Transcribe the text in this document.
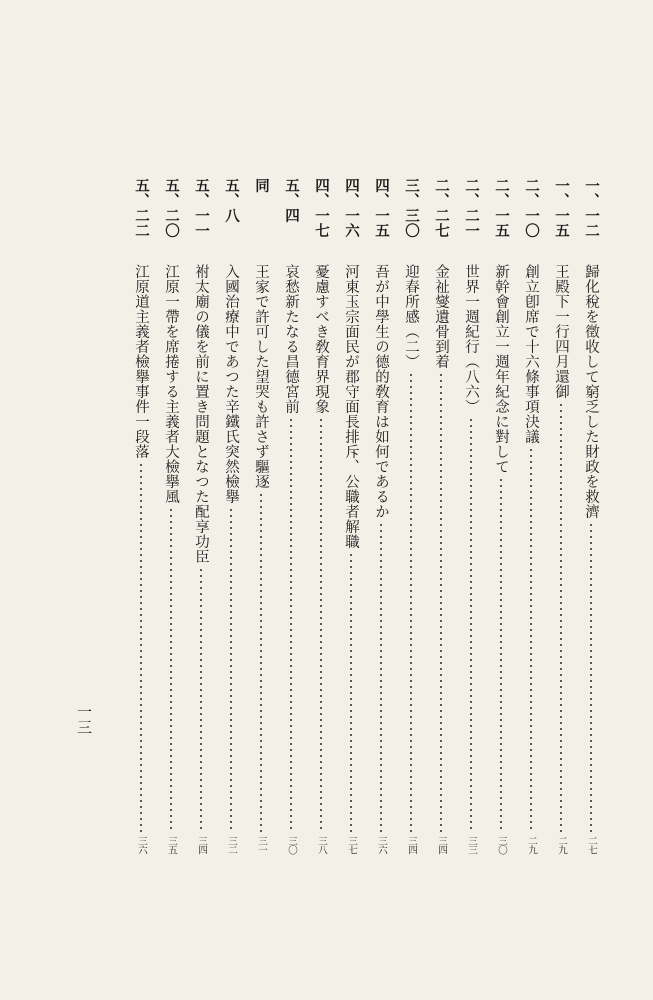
一、一二
歸化稅を徵收して窮乏した財政を救濟
二七
一、一五
王殿下一行四月還御
二九
二、一〇
創立卽席で十六條事項決議
二九
二、一五
新幹會創立一週年紀念に對して
三〇
二、二一
世界一週紀行（八六）
三三
二、二七
金祉燮遺骨到着
三四
三、三〇
迎春所感（二）
三四
四、一五
吾が中學生の德的敎育は如何であるか
三六
四、一六
河東玉宗面民が郡守面長排斥、公職者解職
三七
四、一七
憂慮すべき敎育界現象
三八
五、四
哀愁新たなる昌德宮前
三〇
同
王家で許可した望哭も許さず驅逐
三一
五、八
入國治療中であつた辛鐵氏突然檢擧
三二
五、一一
祔太廟の儀を前に置き問題となつた配享功臣
三四
五、二〇
江原一帶を席捲する主義者大檢擧風
三五
五、二二
江原道主義者檢擧事件一段落
三六
一三
